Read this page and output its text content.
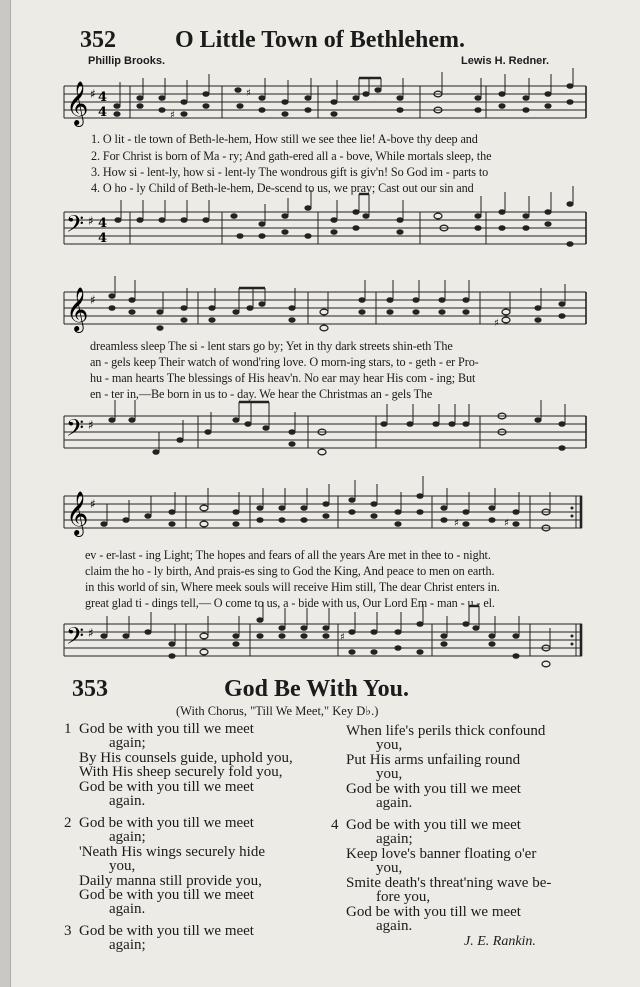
352 O Little Town of Bethlehem.
Phillip Brooks.	Lewis H. Redner.
𝄞 ♯ 4
4	♯
♯
1. O lit - tle town of Beth-le-hem, How still we see thee lie! A-bove thy deep and
2. For Christ is born of Ma - ry; And gath-ered all a - bove, While mortals sleep, the
3. How si - lent-ly, how si - lent-ly The wondrous gift is giv'n! So God im - parts to
4. O ho - ly Child of Beth-le-hem, De-scend to us, we pray; Cast out our sin and
𝄢 ♯ 4
4
𝄞 ♯
♯
dreamless sleep The si - lent stars go by; Yet in thy dark streets shin-eth The
an - gels keep Their watch of wond'ring love. O morn-ing stars, to - geth - er Pro-
hu - man hearts The blessings of His heav'n. No ear may hear His com - ing; But
en - ter in,—Be born in us to - day. We hear the Christmas an - gels The
𝄢 ♯
𝄞 ♯
♯	♯
ev - er-last - ing Light; The hopes and fears of all the years Are met in thee to - night.
claim the ho - ly birth, And prais-es sing to God the King, And peace to men on earth.
in this world of sin, Where meek souls will receive Him still, The dear Christ enters in.
great glad ti - dings tell,— O come to us, a - bide with us, Our Lord Em - man - u - el.
𝄢 ♯	♯
353	God Be With You.
(With Chorus, "Till We Meet," Key D♭.)
1 God be with you till we meet
again;
By His counsels guide, uphold you,
With His sheep securely fold you,
God be with you till we meet
again.
2 God be with you till we meet
again;
'Neath His wings securely hide
you,
Daily manna still provide you,
God be with you till we meet
again.
3 God be with you till we meet
again;
When life's perils thick confound
you,
Put His arms unfailing round
you,
God be with you till we meet
again.
4 God be with you till we meet
again;
Keep love's banner floating o'er
you,
Smite death's threat'ning wave be-
fore you,
God be with you till we meet
again.
J. E. Rankin.
